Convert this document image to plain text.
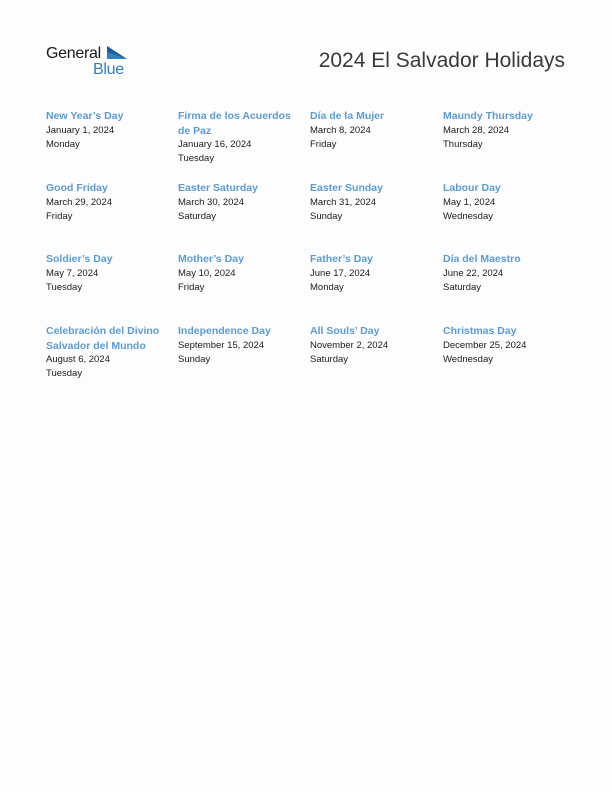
General
Blue	2024 El Salvador Holidays
New Year’s Day
January 1, 2024
Monday
Firma de los Acuerdos de Paz
January 16, 2024
Tuesday
Día de la Mujer
March 8, 2024
Friday
Maundy Thursday
March 28, 2024
Thursday
Good Friday
March 29, 2024
Friday
Easter Saturday
March 30, 2024
Saturday
Easter Sunday
March 31, 2024
Sunday
Labour Day
May 1, 2024
Wednesday
Soldier’s Day
May 7, 2024
Tuesday
Mother’s Day
May 10, 2024
Friday
Father’s Day
June 17, 2024
Monday
Día del Maestro
June 22, 2024
Saturday
Celebración del Divino Salvador del Mundo
August 6, 2024
Tuesday
Independence Day
September 15, 2024
Sunday
All Souls’ Day
November 2, 2024
Saturday
Christmas Day
December 25, 2024
Wednesday
